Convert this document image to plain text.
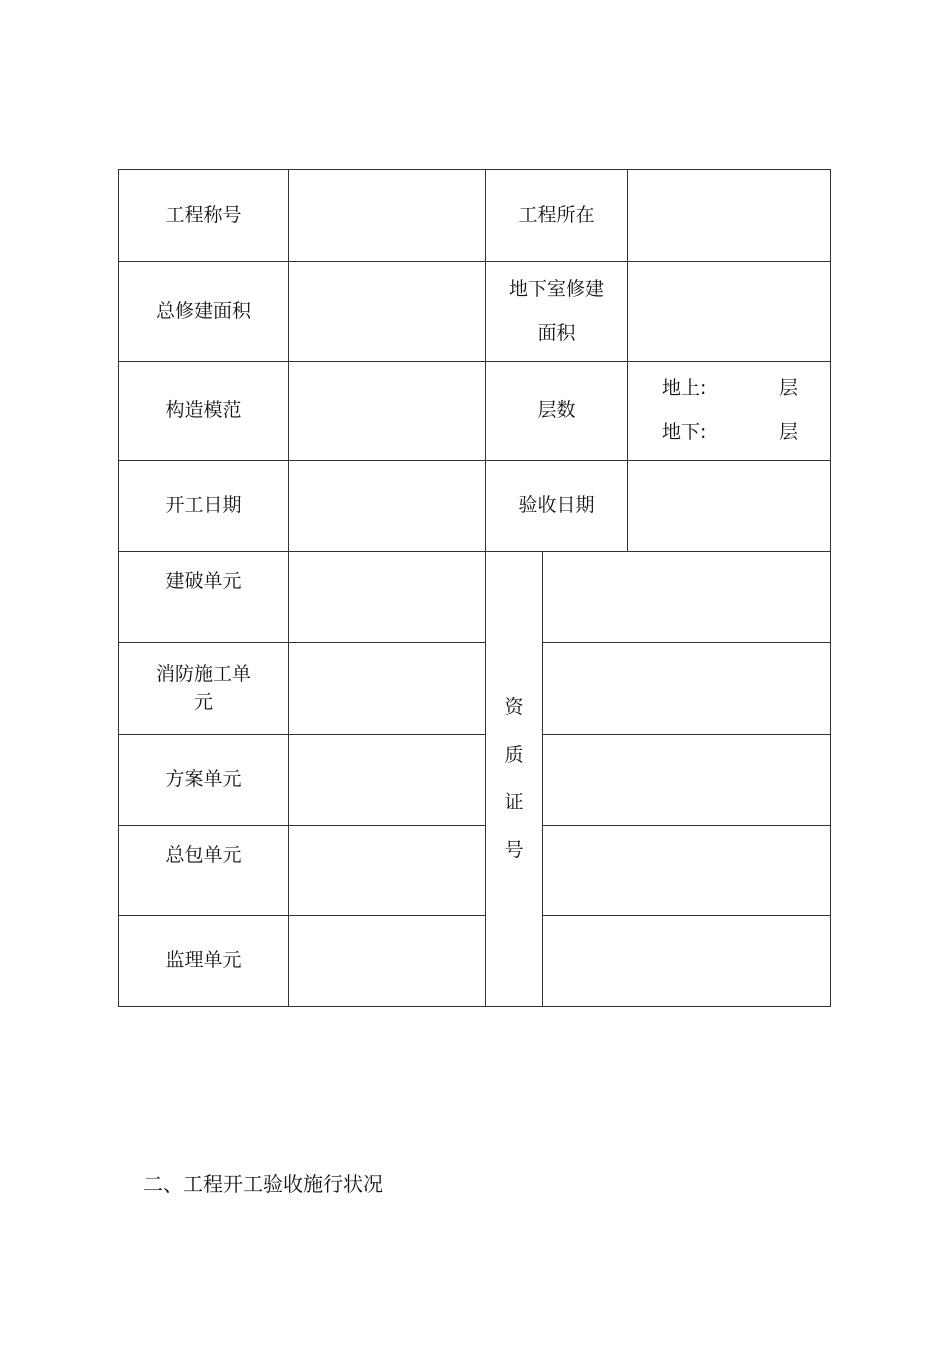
工程称号		工程所在		
总修建面积		地下室修建面积		
构造模范		层数		地上: 层
地下: 层

开工日期		验收日期		
建破单元		资质证号		
消防施工单元				
方案单元				
总包单元				
监理单元				
二、工程开工验收施行状况
